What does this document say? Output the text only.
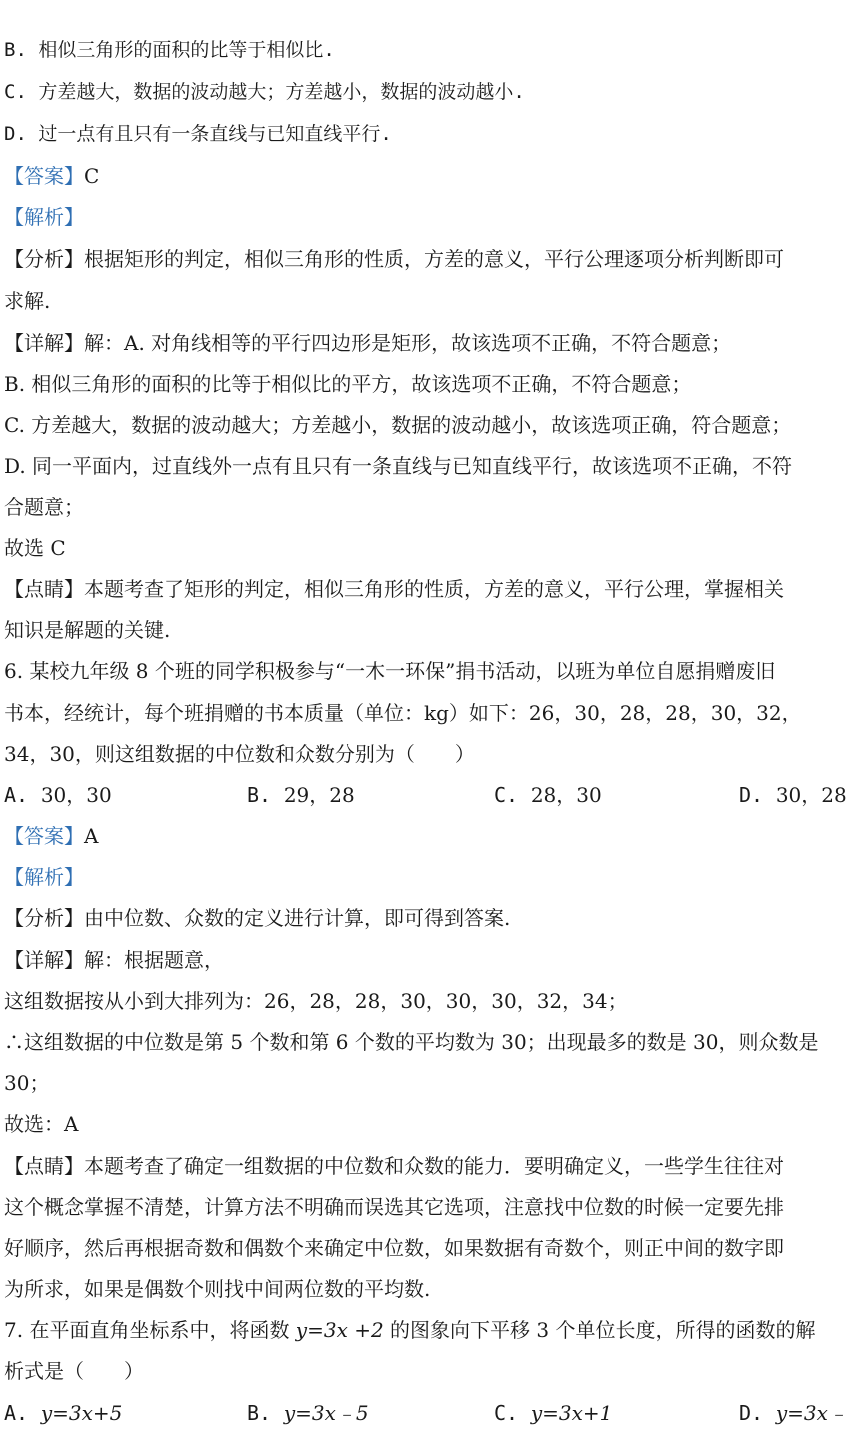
B. 相似三角形的面积的比等于相似比.
C. 方差越大，数据的波动越大；方差越小，数据的波动越小.
D. 过一点有且只有一条直线与已知直线平行.
【答案】C
【解析】
【分析】根据矩形的判定，相似三角形的性质，方差的意义，平行公理逐项分析判断即可
求解.
【详解】解：A. 对角线相等的平行四边形是矩形，故该选项不正确，不符合题意；
B. 相似三角形的面积的比等于相似比的平方，故该选项不正确，不符合题意；
C. 方差越大，数据的波动越大；方差越小，数据的波动越小，故该选项正确，符合题意；
D. 同一平面内，过直线外一点有且只有一条直线与已知直线平行，故该选项不正确，不符
合题意；
故选 C
【点睛】本题考查了矩形的判定，相似三角形的性质，方差的意义，平行公理，掌握相关
知识是解题的关键.
6. 某校九年级 8 个班的同学积极参与“一木一环保”捐书活动，以班为单位自愿捐赠废旧
书本，经统计，每个班捐赠的书本质量（单位：kg）如下：26，30，28，28，30，32，
34，30，则这组数据的中位数和众数分别为（　　）
A. 30，30	B. 29，28	C. 28，30	D. 30，28
【答案】A
【解析】
【分析】由中位数、众数的定义进行计算，即可得到答案.
【详解】解：根据题意，
这组数据按从小到大排列为：26，28，28，30，30，30，32，34；
∴这组数据的中位数是第 5 个数和第 6 个数的平均数为 30；出现最多的数是 30，则众数是
30；
故选：A
【点睛】本题考查了确定一组数据的中位数和众数的能力．要明确定义，一些学生往往对
这个概念掌握不清楚，计算方法不明确而误选其它选项，注意找中位数的时候一定要先排
好顺序，然后再根据奇数和偶数个来确定中位数，如果数据有奇数个，则正中间的数字即
为所求，如果是偶数个则找中间两位数的平均数.
7. 在平面直角坐标系中，将函数 y=3x +2 的图象向下平移 3 个单位长度，所得的函数的解
析式是（　　）
A. y=3x+5	B. y=3x﹣5	C. y=3x+1	D. y=3x﹣
